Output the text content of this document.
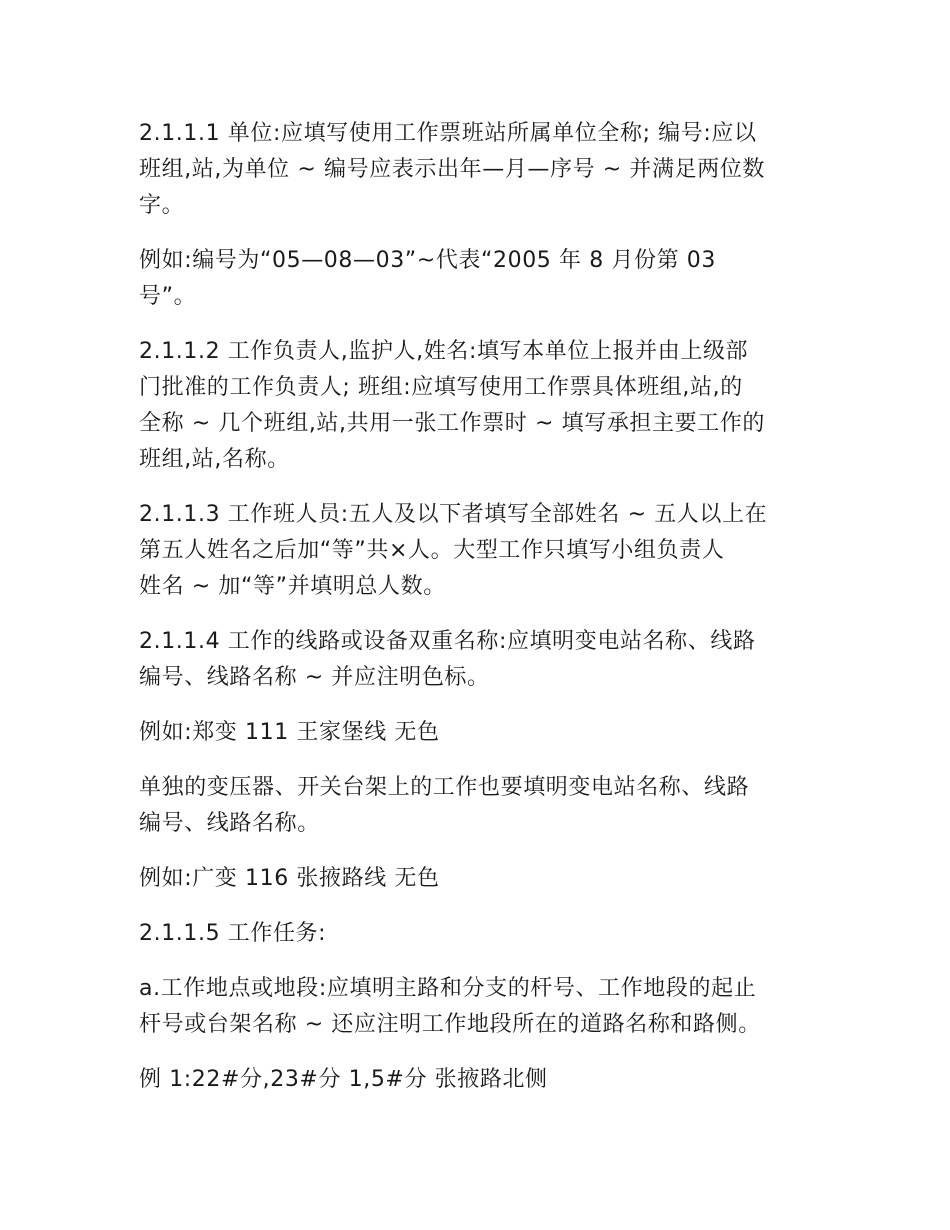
2.1.1.1 单位:应填写使用工作票班站所属单位全称; 编号:应以
班组,站,为单位 ~ 编号应表示出年—月—序号 ~ 并满足两位数
字。

例如:编号为“05—08—03”~代表“2005 年 8 月份第 03
号”。

2.1.1.2 工作负责人,监护人,姓名:填写本单位上报并由上级部
门批准的工作负责人; 班组:应填写使用工作票具体班组,站,的
全称 ~ 几个班组,站,共用一张工作票时 ~ 填写承担主要工作的
班组,站,名称。

2.1.1.3 工作班人员:五人及以下者填写全部姓名 ~ 五人以上在
第五人姓名之后加“等”共×人。大型工作只填写小组负责人
姓名 ~ 加“等”并填明总人数。

2.1.1.4 工作的线路或设备双重名称:应填明变电站名称、线路
编号、线路名称 ~ 并应注明色标。

例如:郑变 111 王家堡线 无色

单独的变压器、开关台架上的工作也要填明变电站名称、线路
编号、线路名称。

例如:广变 116 张掖路线 无色

2.1.1.5 工作任务:

a.工作地点或地段:应填明主路和分支的杆号、工作地段的起止
杆号或台架名称 ~ 还应注明工作地段所在的道路名称和路侧。

例 1:22#分,23#分 1,5#分 张掖路北侧
